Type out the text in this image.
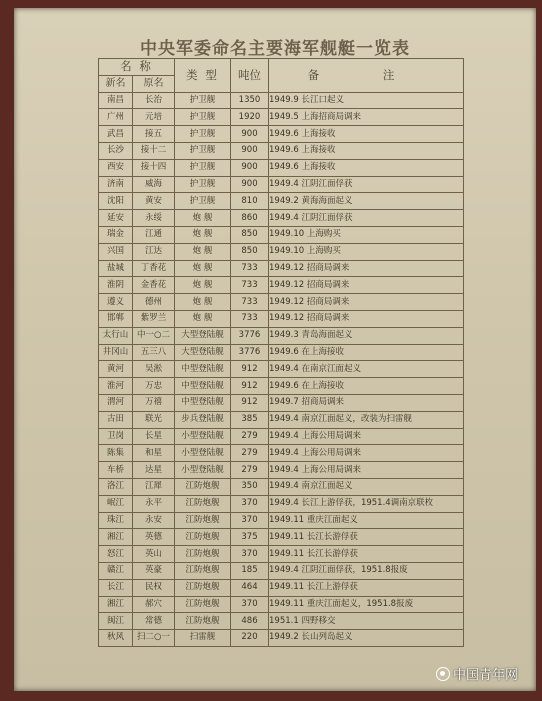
中央军委命名主要海军舰艇一览表
名 称		类 型	吨位	备 注
新名	原名			
南昌	长治	护卫舰	1350	1949.9 长江口起义
广州	元培	护卫舰	1920	1949.5 上海招商局调来
武昌	接五	护卫舰	900	1949.6 上海接收
长沙	接十二	护卫舰	900	1949.6 上海接收
西安	接十四	护卫舰	900	1949.6 上海接收
济南	威海	护卫舰	900	1949.4 江阴江面俘获
沈阳	黄安	护卫舰	810	1949.2 黄海海面起义
延安	永绥	炮 舰	860	1949.4 江阴江面俘获
瑞金	江通	炮 舰	850	1949.10 上海购买
兴国	江达	炮 舰	850	1949.10 上海购买
盐城	丁香花	炮 舰	733	1949.12 招商局调来
淮阴	金香花	炮 舰	733	1949.12 招商局调来
遵义	德州	炮 舰	733	1949.12 招商局调来
邯郸	紫罗兰	炮 舰	733	1949.12 招商局调来
太行山	中一○二	大型登陆舰	3776	1949.3 青岛海面起义
井冈山	五三八	大型登陆舰	3776	1949.6 在上海接收
黄河	吴淞	中型登陆舰	912	1949.4 在南京江面起义
淮河	万忠	中型登陆舰	912	1949.6 在上海接收
渭河	万禧	中型登陆舰	912	1949.7 招商局调来
古田	联光	步兵登陆舰	385	1949.4 南京江面起义，改装为扫雷舰
卫岗	长星	小型登陆舰	279	1949.4 上海公用局调来
陈集	和星	小型登陆舰	279	1949.4 上海公用局调来
车桥	达星	小型登陆舰	279	1949.4 上海公用局调来
洛江	江犀	江防炮舰	350	1949.4 南京江面起义
岷江	永平	江防炮舰	370	1949.4 长江上游俘获，1951.4调南京联枚
珠江	永安	江防炮舰	370	1949.11 重庆江面起义
湘江	英德	江防炮舰	375	1949.11 长江长游俘获
怒江	英山	江防炮舰	370	1949.11 长江长游俘获
赣江	英豪	江防炮舰	185	1949.4 江阴江面俘获，1951.8报废
长江	民权	江防炮舰	464	1949.11 长江上游俘获
湘江	郝穴	江防炮舰	370	1949.11 重庆江面起义，1951.8报废
闽江	常德	江防炮舰	486	1951.1 四野移交
秋风	扫二○一	扫雷舰	220	1949.2 长山列岛起义
中国青年网
